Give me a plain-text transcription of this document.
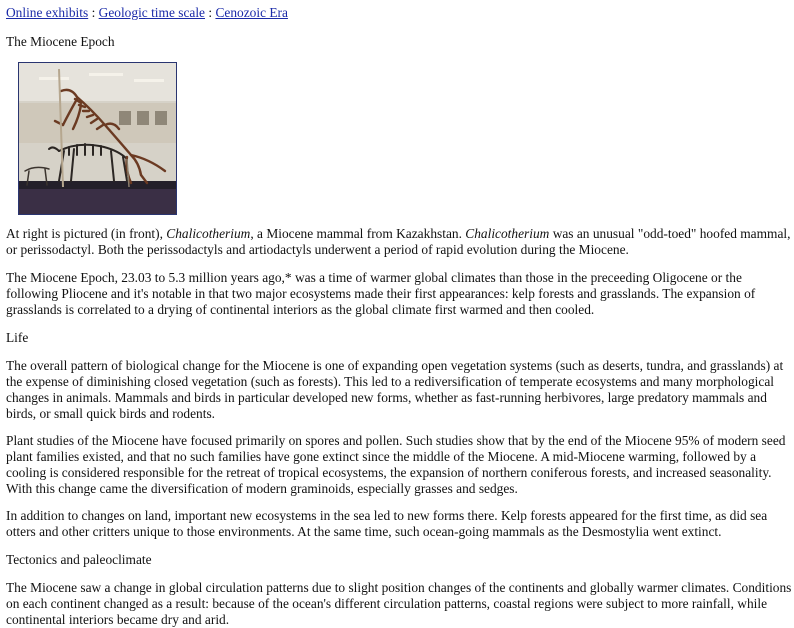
Online exhibits : Geologic time scale : Cenozoic Era
The Miocene Epoch

At right is pictured (in front), Chalicotherium, a Miocene mammal from Kazakhstan. Chalicotherium was an unusual "odd-toed" hoofed mammal, or perissodactyl. Both the perissodactyls and artiodactyls underwent a period of rapid evolution during the Miocene.

The Miocene Epoch, 23.03 to 5.3 million years ago,* was a time of warmer global climates than those in the preceeding Oligocene or the following Pliocene and it's notable in that two major ecosystems made their first appearances: kelp forests and grasslands. The expansion of grasslands is correlated to a drying of continental interiors as the global climate first warmed and then cooled.

Life

The overall pattern of biological change for the Miocene is one of expanding open vegetation systems (such as deserts, tundra, and grasslands) at the expense of diminishing closed vegetation (such as forests). This led to a rediversification of temperate ecosystems and many morphological changes in animals. Mammals and birds in particular developed new forms, whether as fast-running herbivores, large predatory mammals and birds, or small quick birds and rodents.

Plant studies of the Miocene have focused primarily on spores and pollen. Such studies show that by the end of the Miocene 95% of modern seed plant families existed, and that no such families have gone extinct since the middle of the Miocene. A mid-Miocene warming, followed by a cooling is considered responsible for the retreat of tropical ecosystems, the expansion of northern coniferous forests, and increased seasonality. With this change came the diversification of modern graminoids, especially grasses and sedges.

In addition to changes on land, important new ecosystems in the sea led to new forms there. Kelp forests appeared for the first time, as did sea otters and other critters unique to those environments. At the same time, such ocean-going mammals as the Desmostylia went extinct.

Tectonics and paleoclimate

The Miocene saw a change in global circulation patterns due to slight position changes of the continents and globally warmer climates. Conditions on each continent changed as a result: because of the ocean's different circulation patterns, coastal regions were subject to more rainfall, while continental interiors became dry and arid.
